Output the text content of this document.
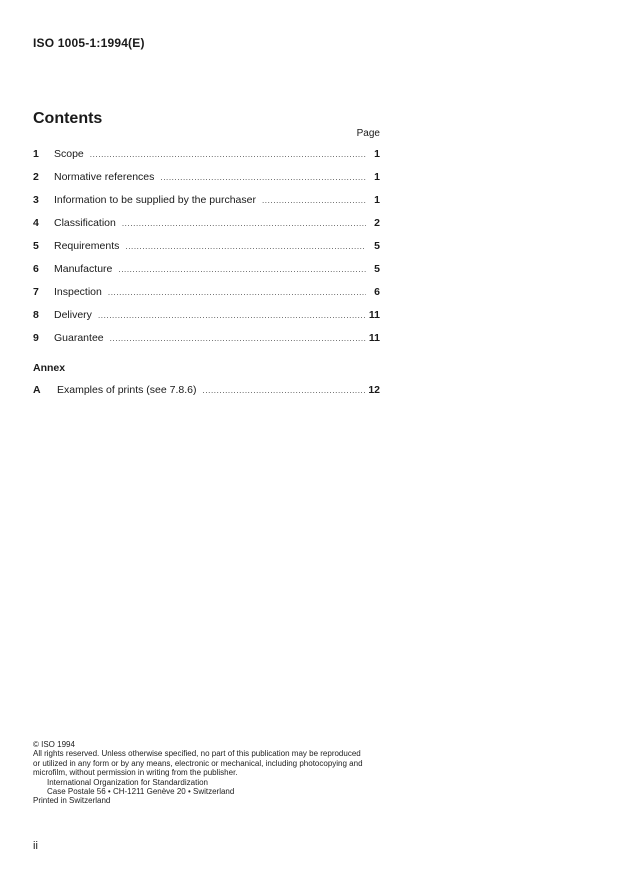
ISO 1005-1:1994(E)
Contents
Page
1	Scope .....	1
2	Normative references .....	1
3	Information to be supplied by the purchaser .....	1
4	Classification .....	2
5	Requirements .....	5
6	Manufacture .....	5
7	Inspection .....	6
8	Delivery .....	11
9	Guarantee .....	11
Annex
A	Examples of prints (see 7.8.6) .....	12
© ISO 1994
All rights reserved. Unless otherwise specified, no part of this publication may be reproduced
or utilized in any form or by any means, electronic or mechanical, including photocopying and
microfilm, without permission in writing from the publisher.
International Organization for Standardization
Case Postale 56 • CH-1211 Genève 20 • Switzerland
Printed in Switzerland
ii
